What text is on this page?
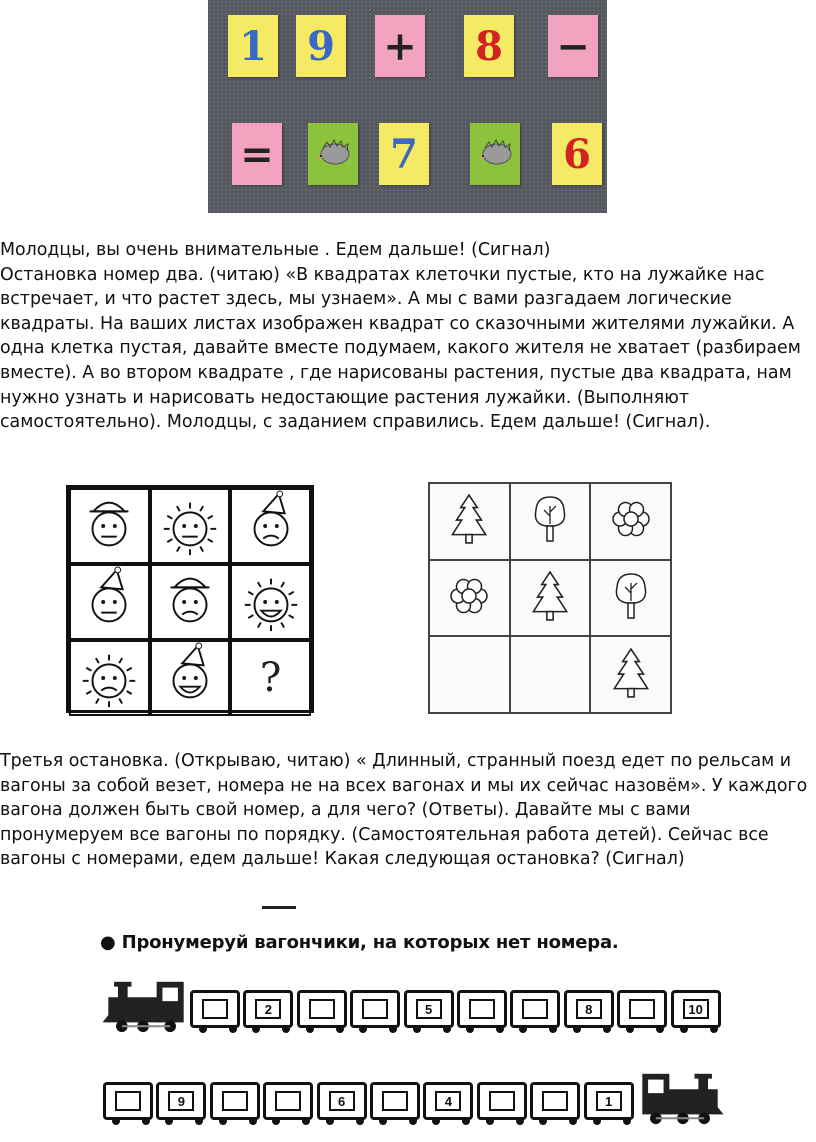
1 9 + 8 −
=	7	6

Молодцы, вы очень внимательные . Едем дальше! (Сигнал)
Остановка номер два. (читаю) «В квадратах клеточки пустые, кто на лужайке нас встречает, и что растет здесь, мы узнаем». А мы с вами разгадаем логические квадраты. На ваших листах изображен квадрат со сказочными жителями лужайки. А одна клетка пустая, давайте вместе подумаем, какого жителя не хватает (разбираем вместе). А во втором квадрате , где нарисованы растения, пустые два квадрата, нам нужно узнать и нарисовать недостающие растения лужайки. (Выполняют самостоятельно). Молодцы, с заданием справились. Едем дальше! (Сигнал).

?

Третья остановка. (Открываю, читаю) « Длинный, странный поезд едет по рельсам и вагоны за собой везет, номера не на всех вагонах и мы их сейчас назовём». У каждого вагона должен быть свой номер, а для чего? (Ответы). Давайте мы с вами пронумеруем все вагоны по порядку. (Самостоятельная работа детей). Сейчас все вагоны с номерами, едем дальше! Какая следующая остановка? (Сигнал)

● Пронумеруй вагончики, на которых нет номера.
2	5	8	10
9	6	4	1
